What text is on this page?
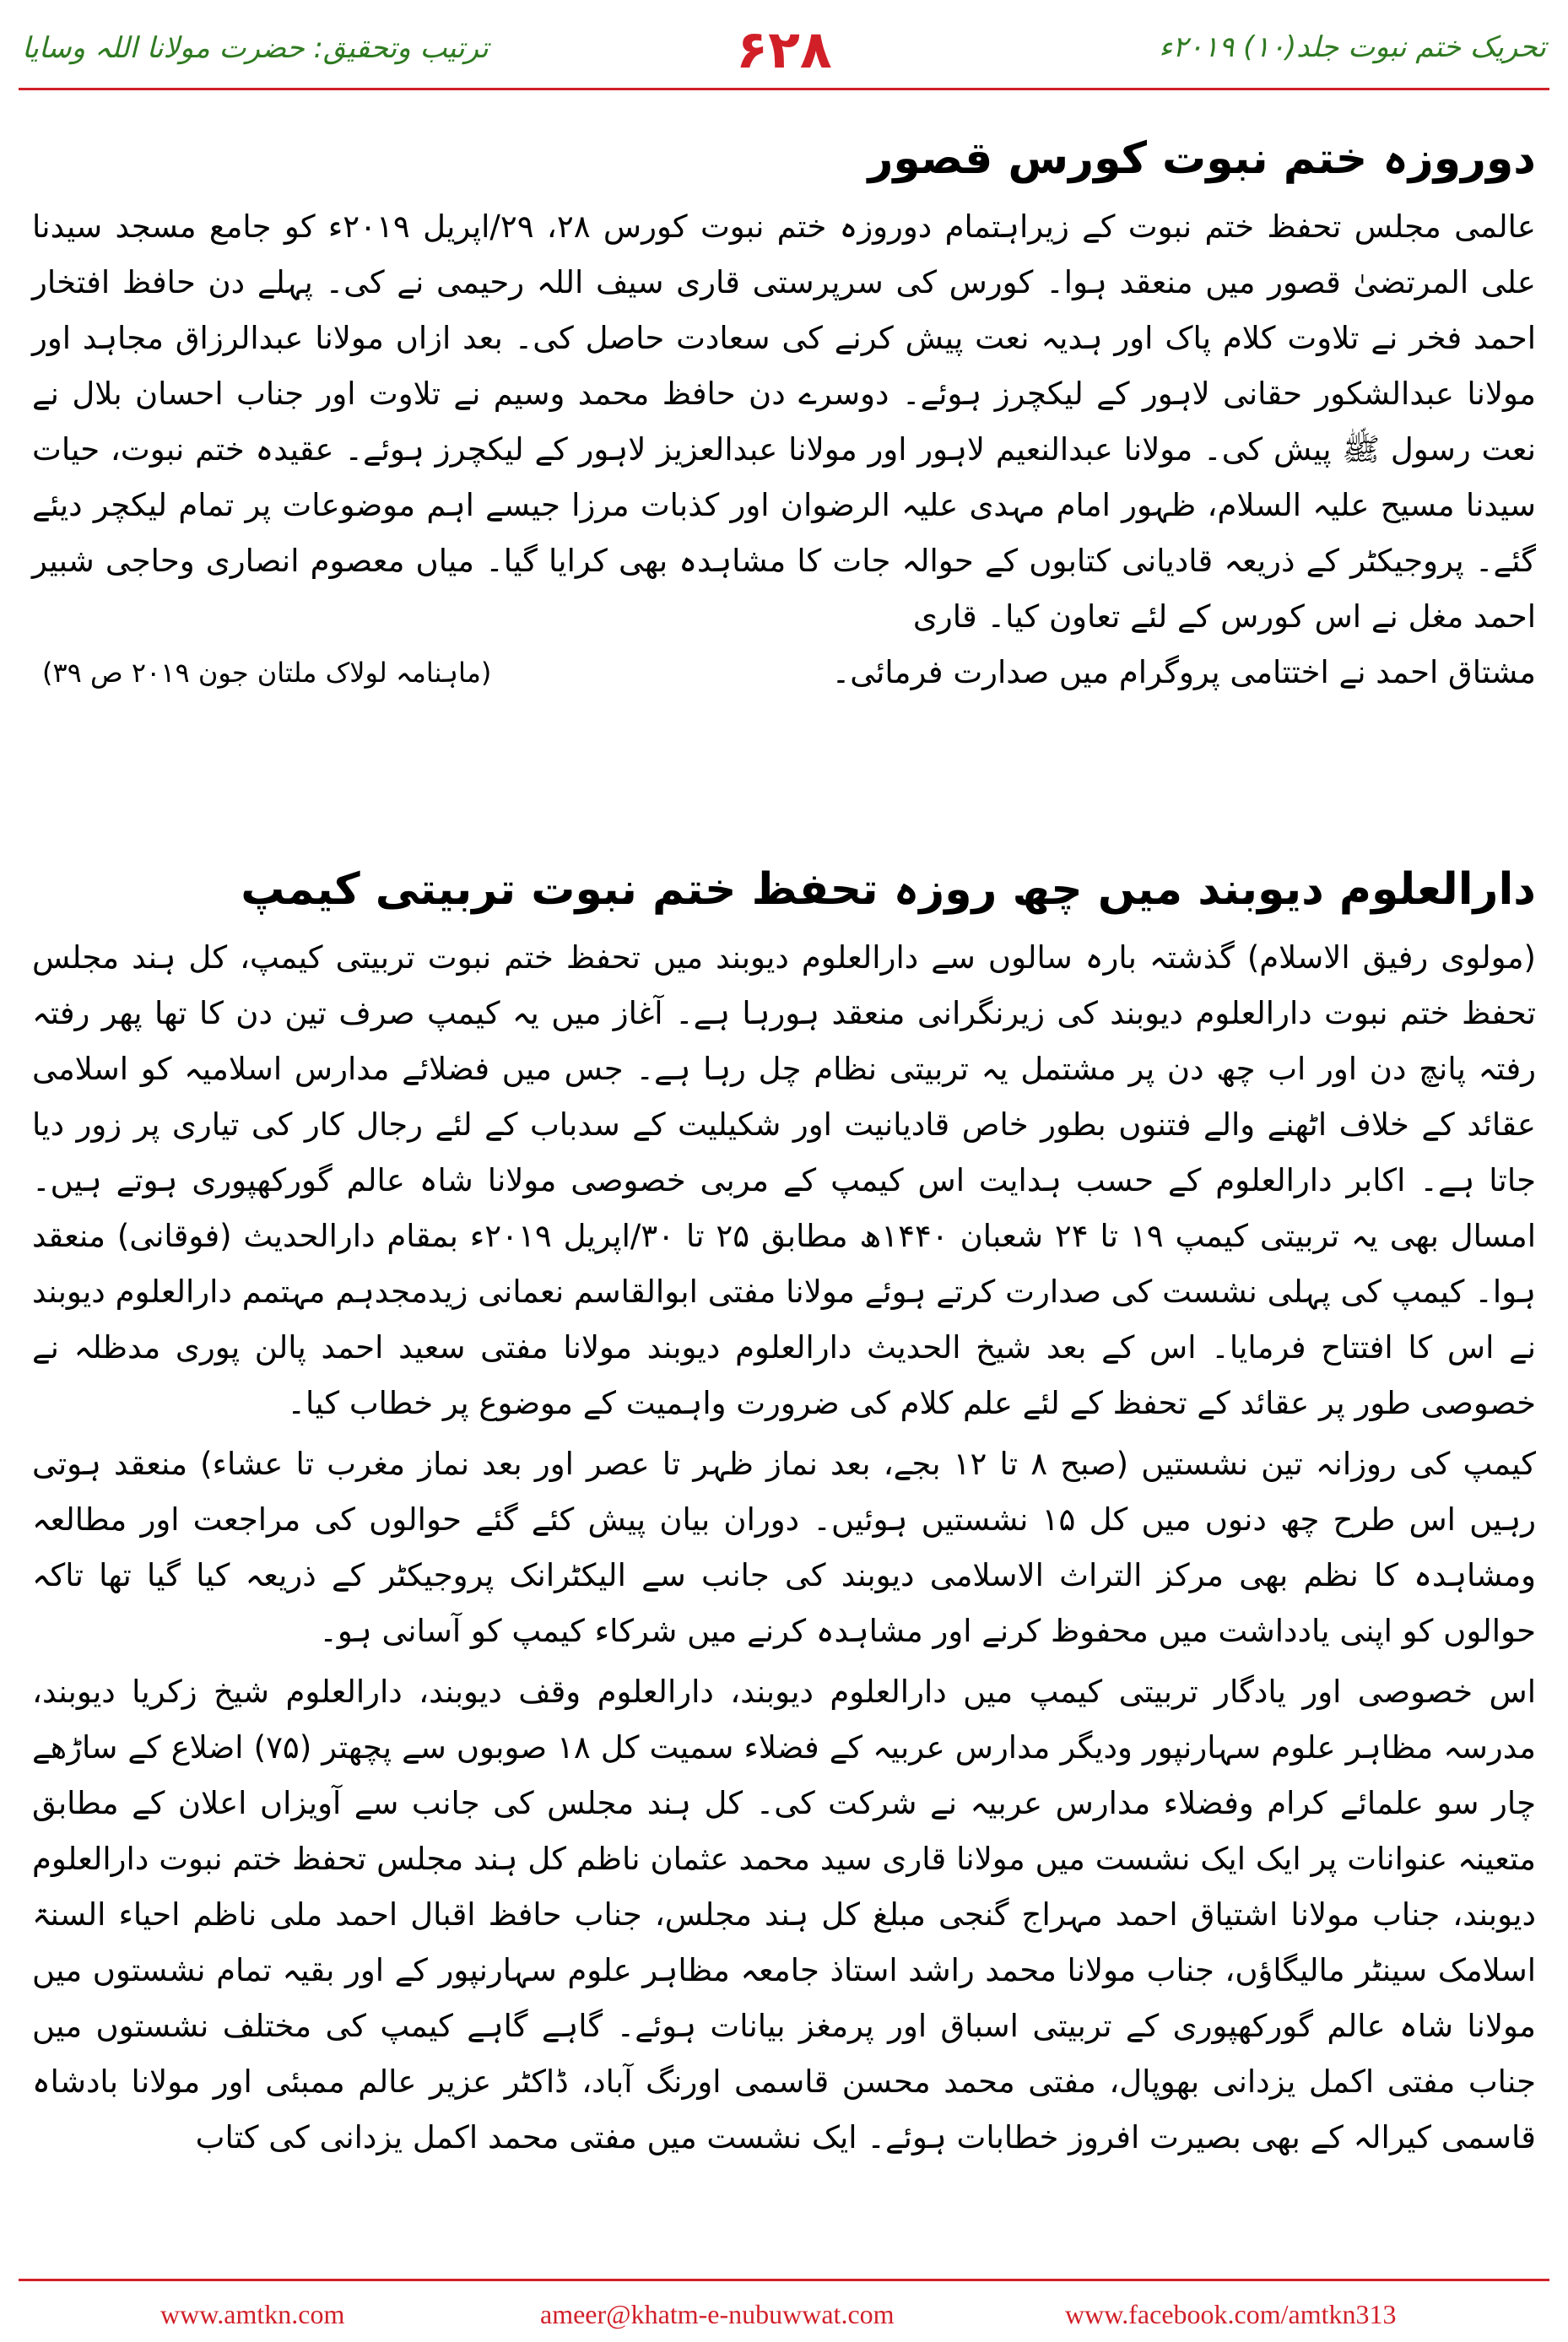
ترتیب وتحقیق: حضرت مولانا اللہ وسایا	۶۲۸	تحریک ختم نبوت جلد(۱۰) ۲۰۱۹ء
دوروزہ ختم نبوت کورس قصور

عالمی مجلس تحفظ ختم نبوت کے زیراہتمام دوروزہ ختم نبوت کورس ۲۸، ۲۹/اپریل ۲۰۱۹ء کو جامع مسجد سیدنا علی المرتضیٰ قصور میں منعقد ہوا۔ کورس کی سرپرستی قاری سیف اللہ رحیمی نے کی۔ پہلے دن حافظ افتخار احمد فخر نے تلاوت کلام پاک اور ہدیہ نعت پیش کرنے کی سعادت حاصل کی۔ بعد ازاں مولانا عبدالرزاق مجاہد اور مولانا عبدالشکور حقانی لاہور کے لیکچرز ہوئے۔ دوسرے دن حافظ محمد وسیم نے تلاوت اور جناب احسان بلال نے نعت رسول ﷺ پیش کی۔ مولانا عبدالنعیم لاہور اور مولانا عبدالعزیز لاہور کے لیکچرز ہوئے۔ عقیدہ ختم نبوت، حیات سیدنا مسیح علیہ السلام، ظہور امام مہدی علیہ الرضوان اور کذبات مرزا جیسے اہم موضوعات پر تمام لیکچر دیئے گئے۔ پروجیکٹر کے ذریعہ قادیانی کتابوں کے حوالہ جات کا مشاہدہ بھی کرایا گیا۔ میاں معصوم انصاری وحاجی شبیر احمد مغل نے اس کورس کے لئے تعاون کیا۔ قاری

مشتاق احمد نے اختتامی پروگرام میں صدارت فرمائی۔
(ماہنامہ لولاک ملتان جون ۲۰۱۹ ص ۳۹)
دارالعلوم دیوبند میں چھ روزہ تحفظ ختم نبوت تربیتی کیمپ

(مولوی رفیق الاسلام) گذشتہ بارہ سالوں سے دارالعلوم دیوبند میں تحفظ ختم نبوت تربیتی کیمپ، کل ہند مجلس تحفظ ختم نبوت دارالعلوم دیوبند کی زیرنگرانی منعقد ہورہا ہے۔ آغاز میں یہ کیمپ صرف تین دن کا تھا پھر رفتہ رفتہ پانچ دن اور اب چھ دن پر مشتمل یہ تربیتی نظام چل رہا ہے۔ جس میں فضلائے مدارس اسلامیہ کو اسلامی عقائد کے خلاف اٹھنے والے فتنوں بطور خاص قادیانیت اور شکیلیت کے سدباب کے لئے رجال کار کی تیاری پر زور دیا جاتا ہے۔ اکابر دارالعلوم کے حسب ہدایت اس کیمپ کے مربی خصوصی مولانا شاہ عالم گورکھپوری ہوتے ہیں۔ امسال بھی یہ تربیتی کیمپ ۱۹ تا ۲۴ شعبان ۱۴۴۰ھ مطابق ۲۵ تا ۳۰/اپریل ۲۰۱۹ء بمقام دارالحدیث (فوقانی) منعقد ہوا۔ کیمپ کی پہلی نشست کی صدارت کرتے ہوئے مولانا مفتی ابوالقاسم نعمانی زیدمجدہم مہتمم دارالعلوم دیوبند نے اس کا افتتاح فرمایا۔ اس کے بعد شیخ الحدیث دارالعلوم دیوبند مولانا مفتی سعید احمد پالن پوری مدظلہ نے خصوصی طور پر عقائد کے تحفظ کے لئے علم کلام کی ضرورت واہمیت کے موضوع پر خطاب کیا۔

کیمپ کی روزانہ تین نشستیں (صبح ۸ تا ۱۲ بجے، بعد نماز ظہر تا عصر اور بعد نماز مغرب تا عشاء) منعقد ہوتی رہیں اس طرح چھ دنوں میں کل ۱۵ نشستیں ہوئیں۔ دوران بیان پیش کئے گئے حوالوں کی مراجعت اور مطالعہ ومشاہدہ کا نظم بھی مرکز التراث الاسلامی دیوبند کی جانب سے الیکٹرانک پروجیکٹر کے ذریعہ کیا گیا تھا تاکہ حوالوں کو اپنی یادداشت میں محفوظ کرنے اور مشاہدہ کرنے میں شرکاء کیمپ کو آسانی ہو۔

اس خصوصی اور یادگار تربیتی کیمپ میں دارالعلوم دیوبند، دارالعلوم وقف دیوبند، دارالعلوم شیخ زکریا دیوبند، مدرسہ مظاہر علوم سہارنپور ودیگر مدارس عربیہ کے فضلاء سمیت کل ۱۸ صوبوں سے پچھتر (۷۵) اضلاع کے ساڑھے چار سو علمائے کرام وفضلاء مدارس عربیہ نے شرکت کی۔ کل ہند مجلس کی جانب سے آویزاں اعلان کے مطابق متعینہ عنوانات پر ایک ایک نشست میں مولانا قاری سید محمد عثمان ناظم کل ہند مجلس تحفظ ختم نبوت دارالعلوم دیوبند، جناب مولانا اشتیاق احمد مہراج گنجی مبلغ کل ہند مجلس، جناب حافظ اقبال احمد ملی ناظم احیاء السنۃ اسلامک سینٹر مالیگاؤں، جناب مولانا محمد راشد استاذ جامعہ مظاہر علوم سہارنپور کے اور بقیہ تمام نشستوں میں مولانا شاہ عالم گورکھپوری کے تربیتی اسباق اور پرمغز بیانات ہوئے۔ گاہے گاہے کیمپ کی مختلف نشستوں میں جناب مفتی اکمل یزدانی بھوپال، مفتی محمد محسن قاسمی اورنگ آباد، ڈاکٹر عزیر عالم ممبئی اور مولانا بادشاہ قاسمی کیرالہ کے بھی بصیرت افروز خطابات ہوئے۔ ایک نشست میں مفتی محمد اکمل یزدانی کی کتاب

www.amtkn.com	ameer@khatm-e-nubuwwat.com	www.facebook.com/amtkn313
